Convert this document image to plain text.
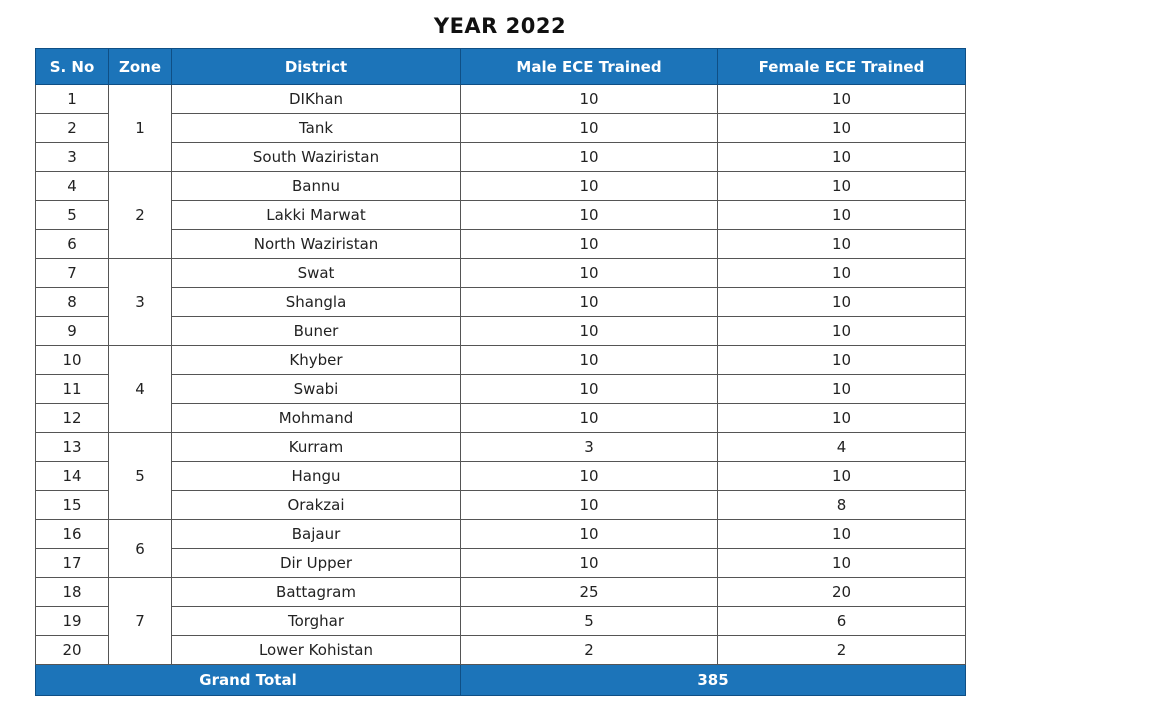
YEAR 2022
S. No	Zone	District	Male ECE Trained	Female ECE Trained
1	1	DIKhan	10	10
2		Tank	10	10
3		South Waziristan	10	10
4	2	Bannu	10	10
5		Lakki Marwat	10	10
6		North Waziristan	10	10
7	3	Swat	10	10
8		Shangla	10	10
9		Buner	10	10
10	4	Khyber	10	10
11		Swabi	10	10
12		Mohmand	10	10
13	5	Kurram	3	4
14		Hangu	10	10
15		Orakzai	10	8
16	6	Bajaur	10	10
17		Dir Upper	10	10
18	7	Battagram	25	20
19		Torghar	5	6
20		Lower Kohistan	2	2
Grand Total			385	
